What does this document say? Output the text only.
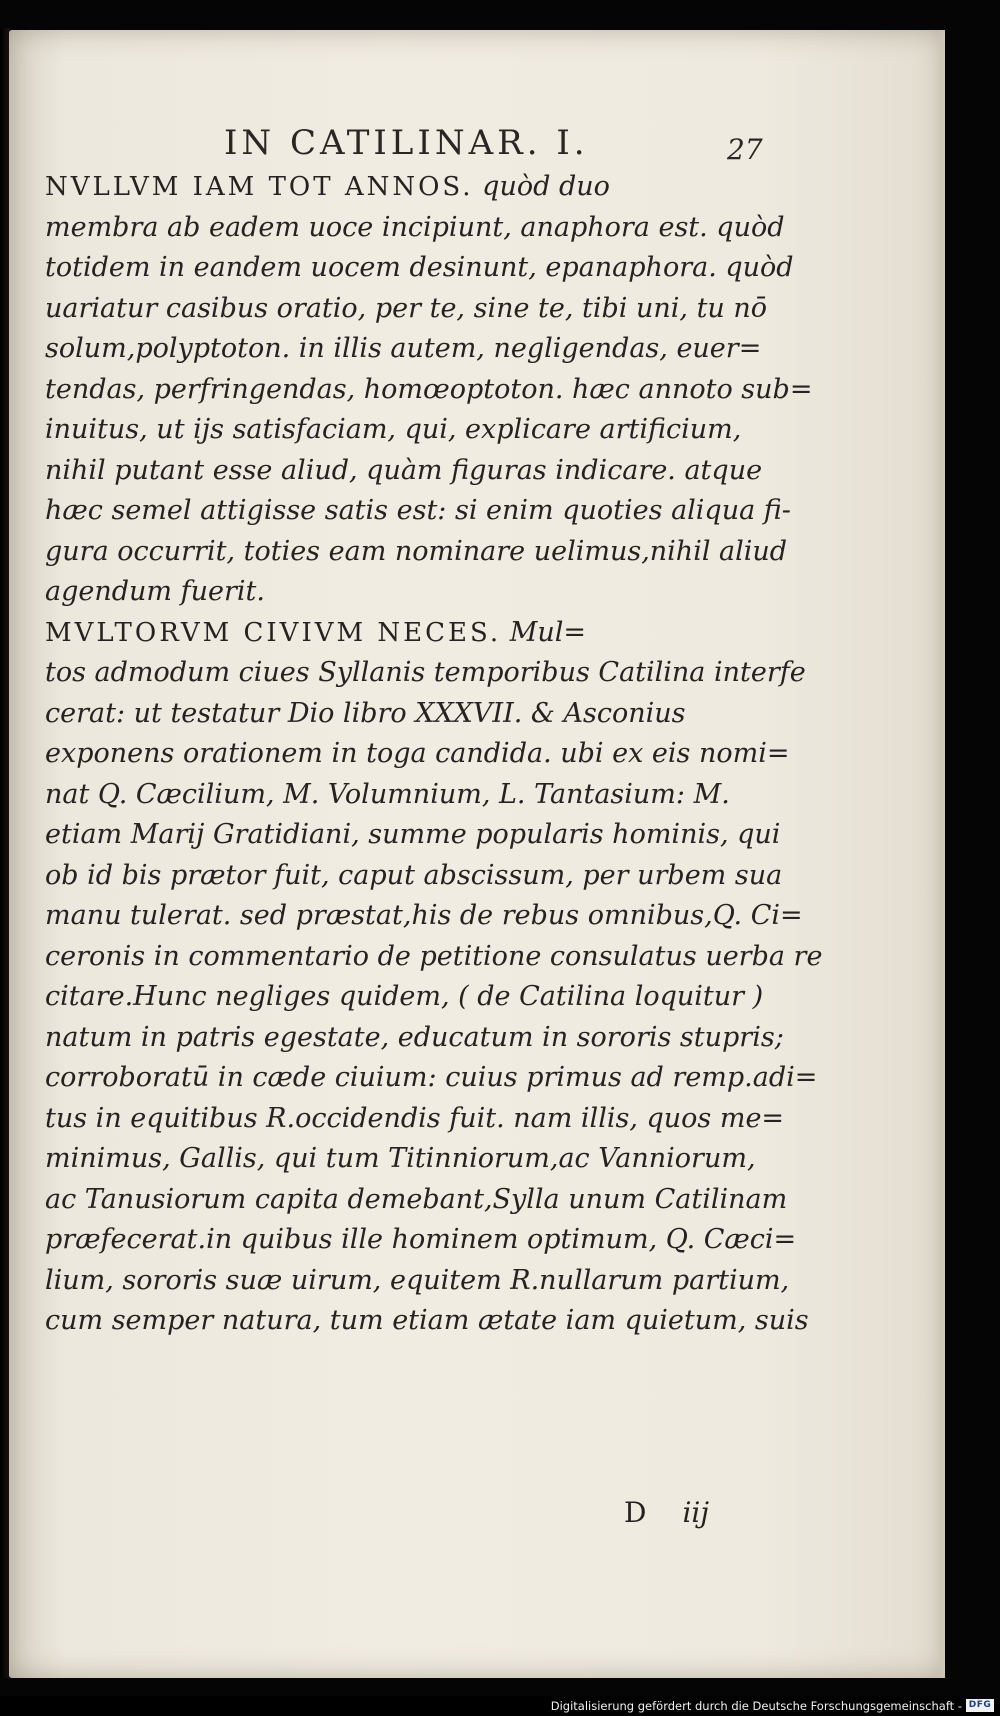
IN CATILINAR. I.	27
NVLLVM IAM TOT ANNOS. quòd duo
membra ab eadem uoce incipiunt, anaphora est. quòd
totidem in eandem uocem desinunt, epanaphora. quòd
uariatur casibus oratio, per te, sine te, tibi uni, tu nō
solum,polyptoton. in illis autem, negligendas, euer=
tendas, perfringendas, homœoptoton. hæc annoto sub=
inuitus, ut ijs satisfaciam, qui, explicare artificium,
nihil putant esse aliud, quàm figuras indicare. atque
hæc semel attigisse satis est: si enim quoties aliqua fi-
gura occurrit, toties eam nominare uelimus,nihil aliud
agendum fuerit.
MVLTORVM CIVIVM NECES. Mul=
tos admodum ciues Syllanis temporibus Catilina interfe
cerat: ut testatur Dio libro XXXVII. & Asconius
exponens orationem in toga candida. ubi ex eis nomi=
nat Q. Cæcilium, M. Volumnium, L. Tantasium: M.
etiam Marij Gratidiani, summe popularis hominis, qui
ob id bis prætor fuit, caput abscissum, per urbem sua
manu tulerat. sed præstat,his de rebus omnibus,Q. Ci=
ceronis in commentario de petitione consulatus uerba re
citare.Hunc negliges quidem, ( de Catilina loquitur )
natum in patris egestate, educatum in sororis stupris;
corroboratū in cæde ciuium: cuius primus ad remp.adi=
tus in equitibus R.occidendis fuit. nam illis, quos me=
minimus, Gallis, qui tum Titinniorum,ac Vanniorum,
ac Tanusiorum capita demebant,Sylla unum Catilinam
præfecerat.in quibus ille hominem optimum, Q. Cæci=
lium, sororis suæ uirum, equitem R.nullarum partium,
cum semper natura, tum etiam ætate iam quietum, suis
D iij
Digitalisierung gefördert durch die Deutsche Forschungsgemeinschaft - DFG
